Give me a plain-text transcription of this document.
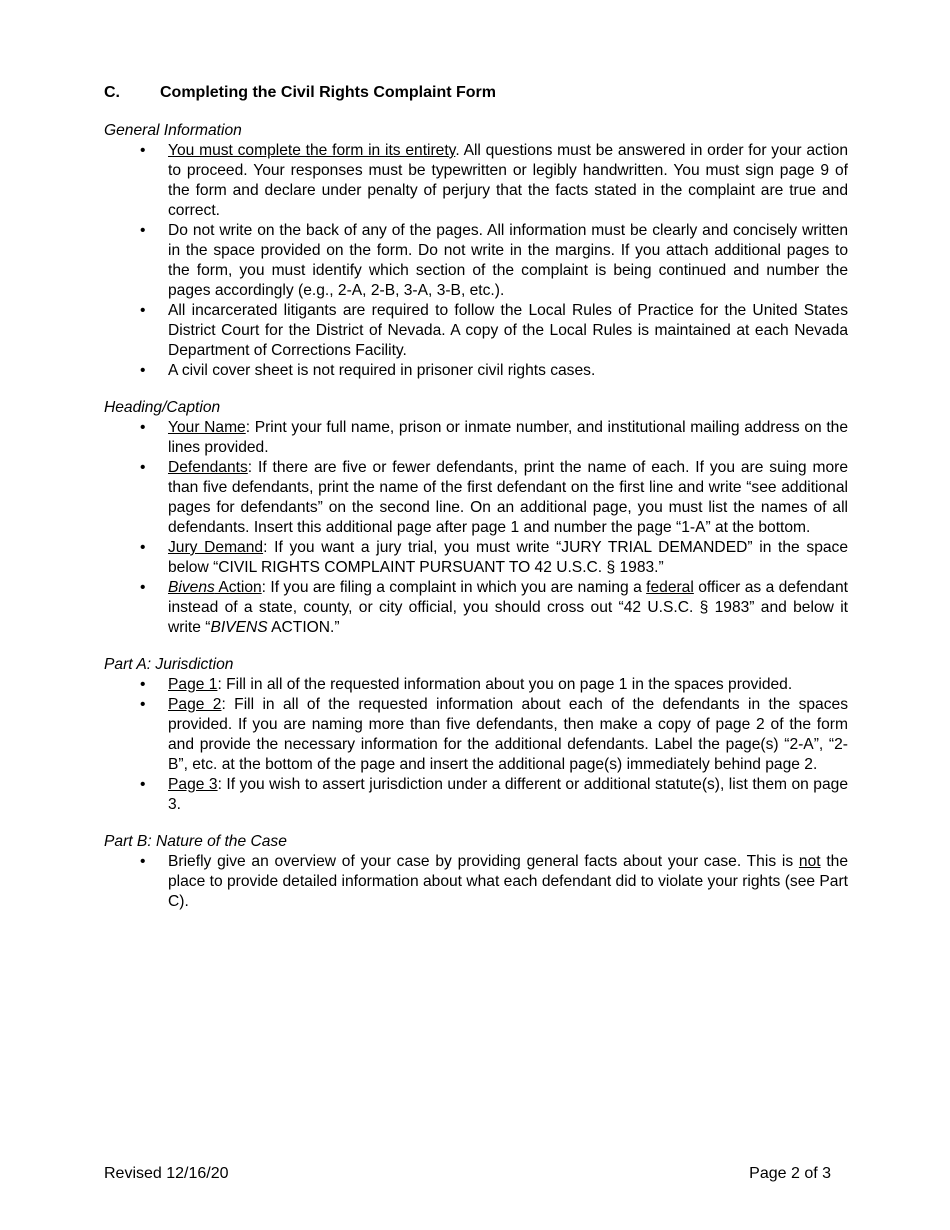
C.	Completing the Civil Rights Complaint Form

General Information

• You must complete the form in its entirety. All questions must be answered in order for your action to proceed. Your responses must be typewritten or legibly handwritten. You must sign page 9 of the form and declare under penalty of perjury that the facts stated in the complaint are true and correct.
• Do not write on the back of any of the pages. All information must be clearly and concisely written in the space provided on the form. Do not write in the margins. If you attach additional pages to the form, you must identify which section of the complaint is being continued and number the pages accordingly (e.g., 2-A, 2-B, 3-A, 3-B, etc.).
• All incarcerated litigants are required to follow the Local Rules of Practice for the United States District Court for the District of Nevada. A copy of the Local Rules is maintained at each Nevada Department of Corrections Facility.
• A civil cover sheet is not required in prisoner civil rights cases.

Heading/Caption

• Your Name: Print your full name, prison or inmate number, and institutional mailing address on the lines provided.
• Defendants: If there are five or fewer defendants, print the name of each. If you are suing more than five defendants, print the name of the first defendant on the first line and write “see additional pages for defendants” on the second line. On an additional page, you must list the names of all defendants. Insert this additional page after page 1 and number the page “1-A” at the bottom.
• Jury Demand: If you want a jury trial, you must write “JURY TRIAL DEMANDED” in the space below “CIVIL RIGHTS COMPLAINT PURSUANT TO 42 U.S.C. § 1983.”
• Bivens Action: If you are filing a complaint in which you are naming a federal officer as a defendant instead of a state, county, or city official, you should cross out “42 U.S.C. § 1983” and below it write “BIVENS ACTION.”

Part A: Jurisdiction

• Page 1: Fill in all of the requested information about you on page 1 in the spaces provided.
• Page 2: Fill in all of the requested information about each of the defendants in the spaces provided. If you are naming more than five defendants, then make a copy of page 2 of the form and provide the necessary information for the additional defendants. Label the page(s) “2-A”, “2-B”, etc. at the bottom of the page and insert the additional page(s) immediately behind page 2.
• Page 3: If you wish to assert jurisdiction under a different or additional statute(s), list them on page 3.

Part B: Nature of the Case

• Briefly give an overview of your case by providing general facts about your case. This is not the place to provide detailed information about what each defendant did to violate your rights (see Part C).
Revised 12/16/20	Page 2 of 3
